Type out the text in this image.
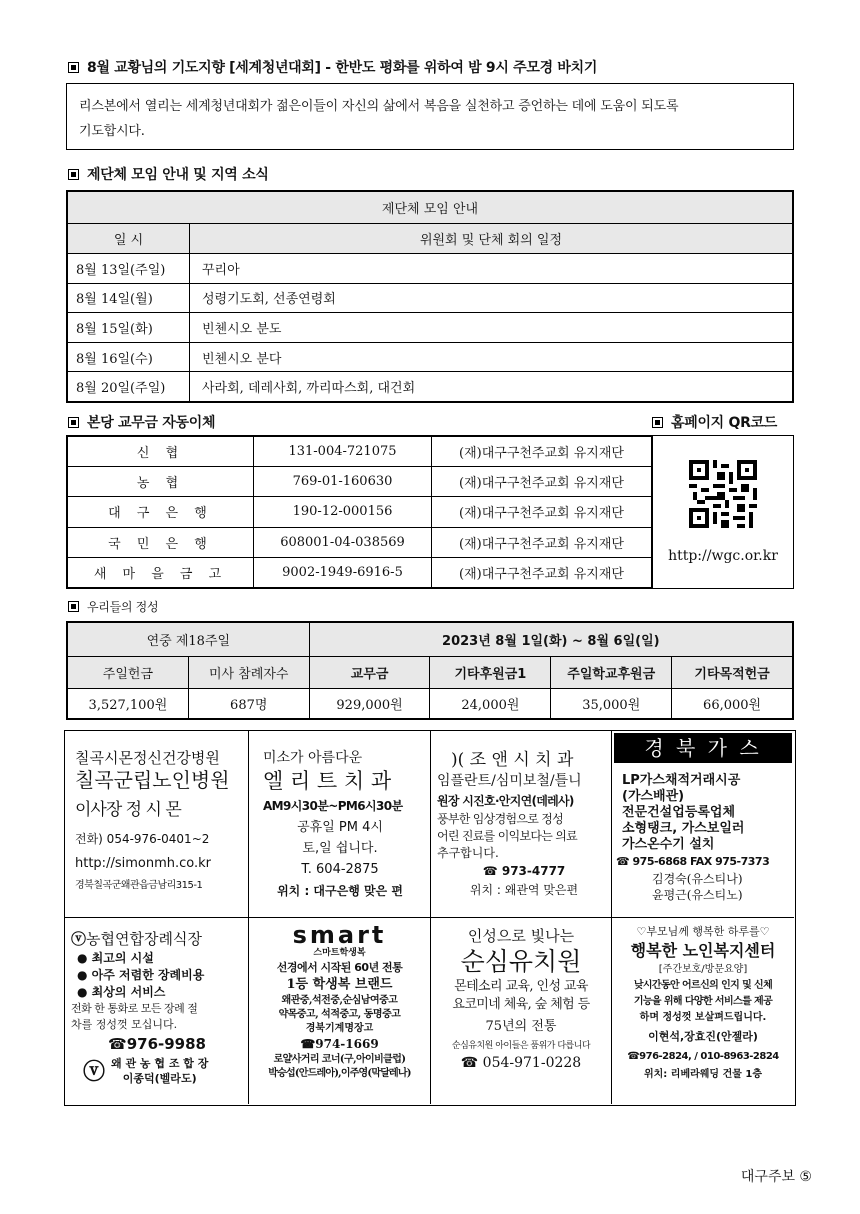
8월 교황님의 기도지향 [세계청년대회] - 한반도 평화를 위하여 밤 9시 주모경 바치기
리스본에서 열리는 세계청년대회가 젊은이들이 자신의 삶에서 복음을 실천하고 증언하는 데에 도움이 되도록
기도합시다.
제단체 모임 안내 및 지역 소식
제단체 모임 안내	
일 시	위원회 및 단체 회의 일정
8월 13일(주일)	꾸리아
8월 14일(월)	성령기도회, 선종연령회
8월 15일(화)	빈첸시오 분도
8월 16일(수)	빈첸시오 분다
8월 20일(주일)	사라회, 데레사회, 까리따스회, 대건회
본당 교무금 자동이체	홈페이지 QR코드
신 협	131-004-721075	(재)대구구천주교회 유지재단
농 협	769-01-160630	(재)대구구천주교회 유지재단
대 구 은 행	190-12-000156	(재)대구구천주교회 유지재단
국 민 은 행	608001-04-038569	(재)대구구천주교회 유지재단
새 마 을 금 고	9002-1949-6916-5	(재)대구구천주교회 유지재단
http://wgc.or.kr
우리들의 정성
연중 제18주일		2023년 8월 1일(화) ~ 8월 6일(일)			
주일헌금	미사 참례자수	교무금	기타후원금1	주일학교후원금	기타목적헌금
3,527,100원	687명	929,000원	24,000원	35,000원	66,000원
칠곡시몬정신건강병원
칠곡군립노인병원
이사장 정 시 몬
전화) 054-976-0401~2
http://simonmh.co.kr
경북칠곡군왜관읍금남리315-1
미소가 아름다운
엘 리 트 치 과
AM9시30분~PM6시30분
공휴일 PM 4시
토,일 쉽니다.
T. 604-2875
위치 : 대구은행 맞은 편
)( 조 앤 시 치 과
임플란트/심미보철/틀니
원장 시진호·안지연(데레사)
풍부한 임상경험으로 정성
어린 진료를 이익보다는 의료
추구합니다.
☎ 973-4777
위치 : 왜관역 맞은편
경 북 가 스
LP가스채적거래시공
(가스배관)
전문건설업등록업체
소형탱크, 가스보일러
가스온수기 설치
☎ 975-6868 FAX 975-7373
김경숙(유스티나)
윤평근(유스티노)
ⓥ농협연합장례식장
● 최고의 시설
● 아주 저렴한 장례비용
● 최상의 서비스
전화 한 통화로 모든 장례 절
차를 정성껏 모십니다.
☎976-9988
ⓥ 왜 관 농 협 조 합 장
이종덕(벨라도)
smart
스마트학생복
선경에서 시작된 60년 전통
1등 학생복 브랜드
왜관중,석전중,순심남여중고
약목중고, 석적중고, 동명중고
경북기계명장고
☎974-1669
로얄사거리 코너(구,아이비클럽)
박승섭(안드레아),이주영(막달레나)
인성으로 빛나는
순심유치원
몬테소리 교육, 인성 교육
요코미네 체육, 숲 체험 등
75년의 전통
순심유치원 아이들은 품위가 다릅니다
☎ 054-971-0228
♡부모님께 행복한 하루를♡
행복한 노인복지센터
[주간보호/방문요양]
낮시간동안 어르신의 인지 및 신체
기능을 위해 다양한 서비스를 제공
하며 정성껏 보살펴드립니다.
이현석,장효진(안젤라)
☎976-2824, / 010-8963-2824
위치: 리베라웨딩 건물 1층
대구주보 ⑤
